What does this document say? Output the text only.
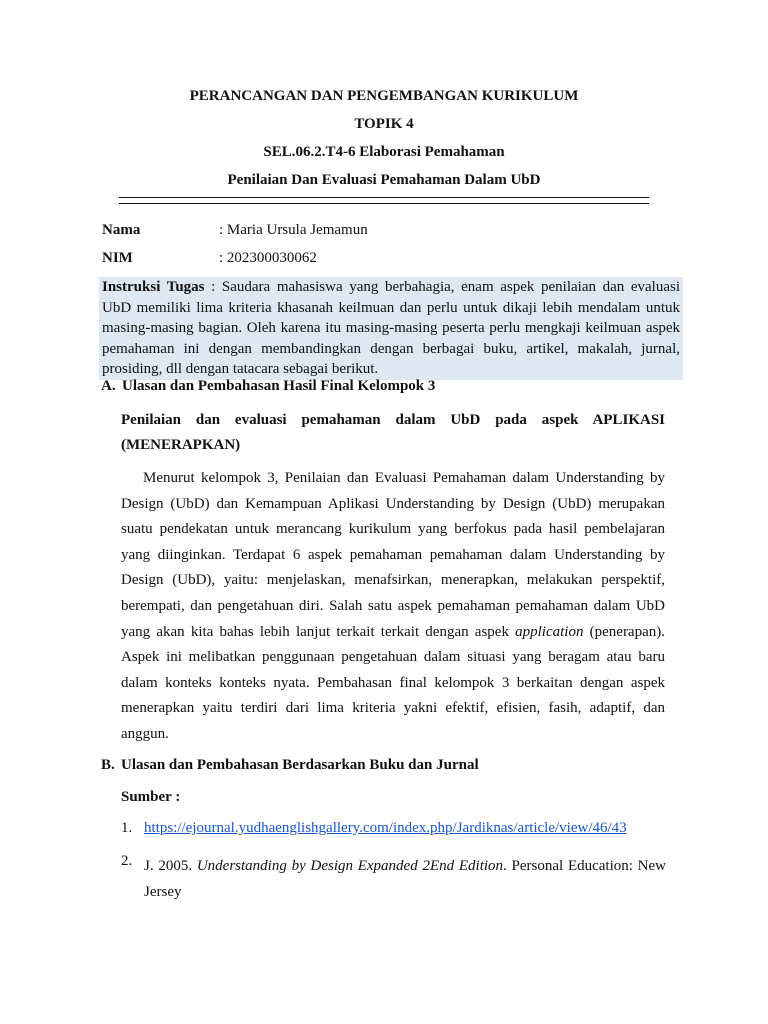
PERANCANGAN DAN PENGEMBANGAN KURIKULUM
TOPIK 4
SEL.06.2.T4-6 Elaborasi Pemahaman
Penilaian Dan Evaluasi Pemahaman Dalam UbD
Nama	: Maria Ursula Jemamun
NIM	: 202300030062
Instruksi Tugas : Saudara mahasiswa yang berbahagia, enam aspek penilaian dan evaluasi UbD memiliki lima kriteria khasanah keilmuan dan perlu untuk dikaji lebih mendalam untuk masing-masing bagian. Oleh karena itu masing-masing peserta perlu mengkaji keilmuan aspek pemahaman ini dengan membandingkan dengan berbagai buku, artikel, makalah, jurnal, prosiding, dll dengan tatacara sebagai berikut.
A. Ulasan dan Pembahasan Hasil Final Kelompok 3
Penilaian dan evaluasi pemahaman dalam UbD pada aspek APLIKASI (MENERAPKAN)
Menurut kelompok 3, Penilaian dan Evaluasi Pemahaman dalam Understanding by Design (UbD) dan Kemampuan Aplikasi Understanding by Design (UbD) merupakan suatu pendekatan untuk merancang kurikulum yang berfokus pada hasil pembelajaran yang diinginkan. Terdapat 6 aspek pemahaman pemahaman dalam Understanding by Design (UbD), yaitu: menjelaskan, menafsirkan, menerapkan, melakukan perspektif, berempati, dan pengetahuan diri. Salah satu aspek pemahaman pemahaman dalam UbD yang akan kita bahas lebih lanjut terkait terkait dengan aspek application (penerapan). Aspek ini melibatkan penggunaan pengetahuan dalam situasi yang beragam atau baru dalam konteks konteks nyata. Pembahasan final kelompok 3 berkaitan dengan aspek menerapkan yaitu terdiri dari lima kriteria yakni efektif, efisien, fasih, adaptif, dan anggun.
B. Ulasan dan Pembahasan Berdasarkan Buku dan Jurnal
Sumber :
1. https://ejournal.yudhaenglishgallery.com/index.php/Jardiknas/article/view/46/43
2. J. 2005. Understanding by Design Expanded 2End Edition. Personal Education: New Jersey
